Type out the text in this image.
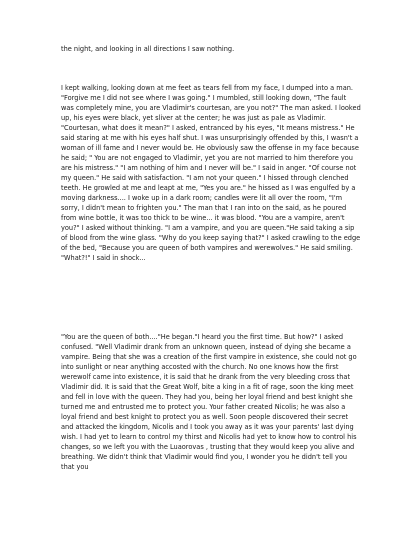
the night, and looking in all directions I saw nothing.

I kept walking, looking down at me feet as tears fell from my face, I dumped into a man. "Forgive me I did not see where I was going." I mumbled, still looking down, "The fault was completely mine, you are Vladimir's courtesan, are you not?" The man asked. I looked up, his eyes were black, yet sliver at the center; he was just as pale as Vladimir. "Courtesan, what does it mean?" I asked, entranced by his eyes, "It means mistress." He said staring at me with his eyes half shut. I was unsurprisingly offended by this, I wasn't a woman of ill fame and I never would be. He obviously saw the offense in my face because he said; " You are not engaged to Vladimir, yet you are not married to him therefore you are his mistress." "I am nothing of him and I never will be." I said in anger. "Of course not my queen." He said with satisfaction. "I am not your queen." I hissed through clenched teeth. He growled at me and leapt at me, "Yes you are." he hissed as I was engulfed by a moving darkness.... I woke up in a dark room; candles were lit all over the room, "I'm sorry, I didn't mean to frighten you." The man that I ran into on the said, as he poured from wine bottle, it was too thick to be wine... it was blood. "You are a vampire, aren't you?" I asked without thinking. "I am a vampire, and you are queen."He said taking a sip of blood from the wine glass. "Why do you keep saying that?" I asked crawling to the edge of the bed, "Because you are queen of both vampires and werewolves." He said smiling. "What?!" I said in shock...

"You are the queen of both...."He began."I heard you the first time. But how?" I asked confused. "Well Vladimir drank from an unknown queen, instead of dying she became a vampire. Being that she was a creation of the first vampire in existence, she could not go into sunlight or near anything accosted with the church. No one knows how the first werewolf came into existence, it is said that he drank from the very bleeding cross that Vladimir did. It is said that the Great Wolf, bite a king in a fit of rage, soon the king meet and fell in love with the queen. They had you, being her loyal friend and best knight she turned me and entrusted me to protect you. Your father created Nicolis; he was also a loyal friend and best knight to protect you as well. Soon people discovered their secret and attacked the kingdom, Nicolis and I took you away as it was your parents' last dying wish. I had yet to learn to control my thirst and Nicolis had yet to know how to control his changes, so we left you with the Luaorovas , trusting that they would keep you alive and breathing. We didn't think that Vladimir would find you, I wonder you he didn't tell you that you
